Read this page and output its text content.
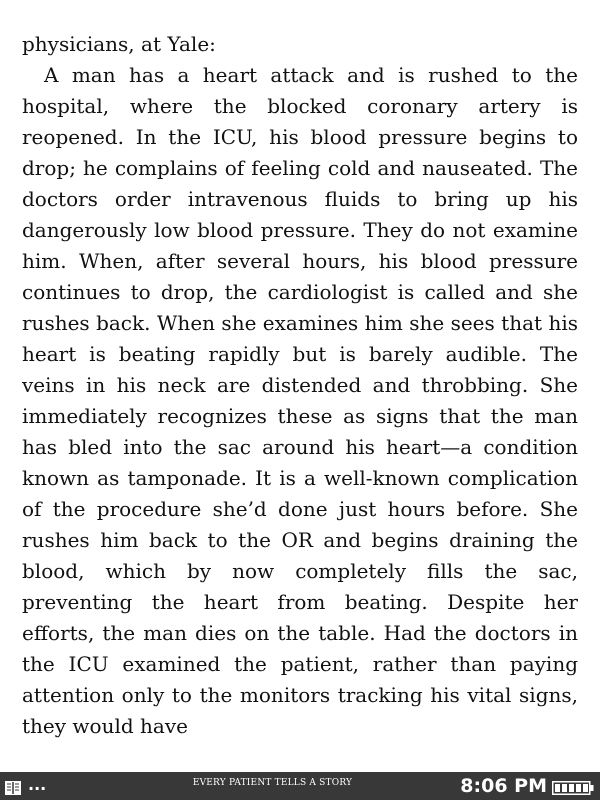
physicians, at Yale:

A man has a heart attack and is rushed to the hospital, where the blocked coronary artery is reopened. In the ICU, his blood pressure begins to drop; he complains of feeling cold and nauseated. The doctors order intravenous fluids to bring up his dangerously low blood pressure. They do not examine him. When, after several hours, his blood pressure continues to drop, the cardiologist is called and she rushes back. When she examines him she sees that his heart is beating rapidly but is barely audible. The veins in his neck are distended and throbbing. She immediately recognizes these as signs that the man has bled into the sac around his heart—a condition known as tamponade. It is a well-known complication of the procedure she’d done just hours before. She rushes him back to the OR and begins draining the blood, which by now completely fills the sac, preventing the heart from beating. Despite her efforts, the man dies on the table. Had the doctors in the ICU examined the patient, rather than paying attention only to the monitors tracking his vital signs, they would have

...	EVERY PATIENT TELLS A STORY	8:06 PM
